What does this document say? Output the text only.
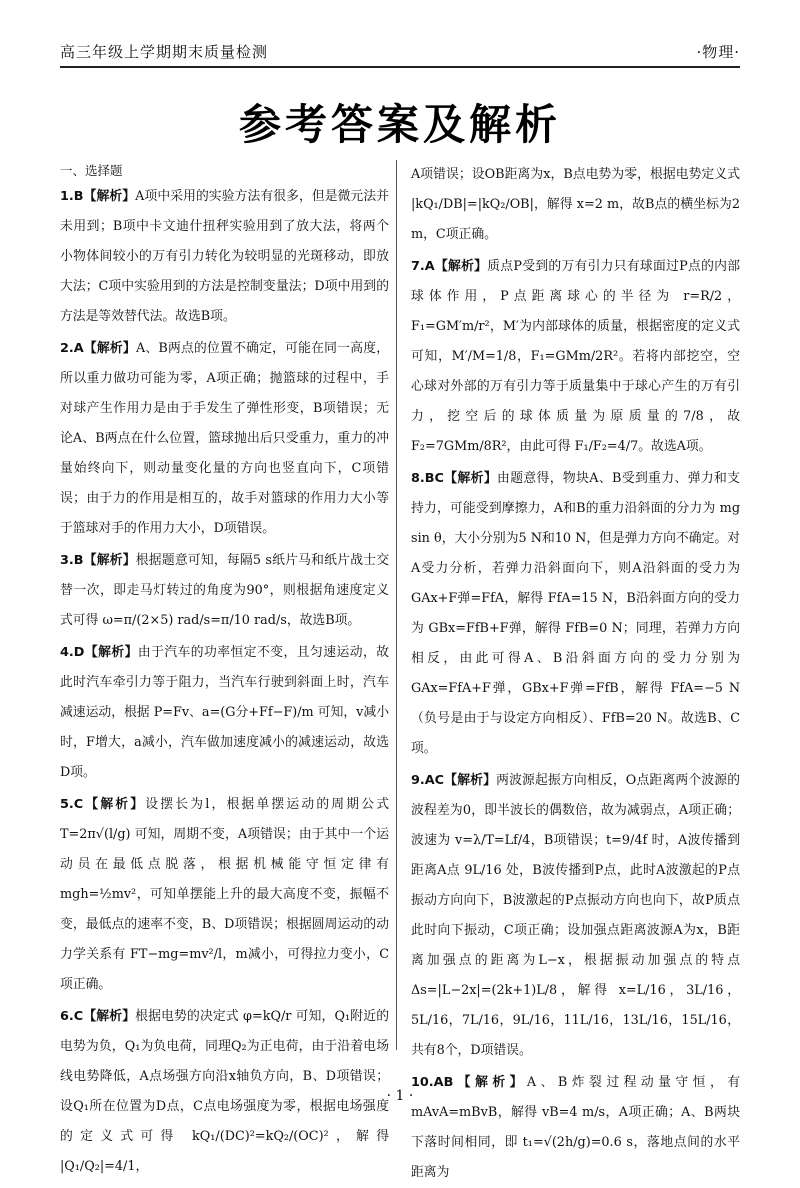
高三年级上学期期末质量检测	·物理·
参考答案及解析
一、选择题
1.B【解析】A项中采用的实验方法有很多，但是微元法并未用到；B项中卡文迪什扭秤实验用到了放大法，将两个小物体间较小的万有引力转化为较明显的光斑移动，即放大法；C项中实验用到的方法是控制变量法；D项中用到的方法是等效替代法。故选B项。
2.A【解析】A、B两点的位置不确定，可能在同一高度，所以重力做功可能为零，A项正确；抛篮球的过程中，手对球产生作用力是由于手发生了弹性形变，B项错误；无论A、B两点在什么位置，篮球抛出后只受重力，重力的冲量始终向下，则动量变化量的方向也竖直向下，C项错误；由于力的作用是相互的，故手对篮球的作用力大小等于篮球对手的作用力大小，D项错误。
3.B【解析】根据题意可知，每隔5 s纸片马和纸片战士交替一次，即走马灯转过的角度为90°，则根据角速度定义式可得 ω=π/(2×5) rad/s=π/10 rad/s，故选B项。
4.D【解析】由于汽车的功率恒定不变，且匀速运动，故此时汽车牵引力等于阻力，当汽车行驶到斜面上时，汽车减速运动，根据 P=Fv、a=(G分+Ff−F)/m 可知，v减小时，F增大，a减小，汽车做加速度减小的减速运动，故选D项。
5.C【解析】设摆长为l，根据单摆运动的周期公式 T=2π√(l/g) 可知，周期不变，A项错误；由于其中一个运动员在最低点脱落，根据机械能守恒定律有 mgh=½mv²，可知单摆能上升的最大高度不变，振幅不变，最低点的速率不变，B、D项错误；根据圆周运动的动力学关系有 FT−mg=mv²/l，m减小，可得拉力变小，C项正确。
6.C【解析】根据电势的决定式 φ=kQ/r 可知，Q₁附近的电势为负，Q₁为负电荷，同理Q₂为正电荷，由于沿着电场线电势降低，A点场强方向沿x轴负方向，B、D项错误；设Q₁所在位置为D点，C点电场强度为零，根据电场强度的定义式可得 kQ₁/(DC)²=kQ₂/(OC)²，解得 |Q₁/Q₂|=4/1，
A项错误；设OB距离为x，B点电势为零，根据电势定义式 |kQ₁/DB|=|kQ₂/OB|，解得 x=2 m，故B点的横坐标为2 m，C项正确。
7.A【解析】质点P受到的万有引力只有球面过P点的内部球体作用，P点距离球心的半径为 r=R/2，F₁=GM′m/r²，M′为内部球体的质量，根据密度的定义式可知，M′/M=1/8，F₁=GMm/2R²。若将内部挖空，空心球对外部的万有引力等于质量集中于球心产生的万有引力，挖空后的球体质量为原质量的7/8，故 F₂=7GMm/8R²，由此可得 F₁/F₂=4/7。故选A项。
8.BC【解析】由题意得，物块A、B受到重力、弹力和支持力，可能受到摩擦力，A和B的重力沿斜面的分力为 mg sin θ，大小分别为5 N和10 N，但是弹力方向不确定。对A受力分析，若弹力沿斜面向下，则A沿斜面的受力为 GAx+F弹=FfA，解得 FfA=15 N，B沿斜面方向的受力为 GBx=FfB+F弹，解得 FfB=0 N；同理，若弹力方向相反，由此可得A、B沿斜面方向的受力分别为 GAx=FfA+F弹，GBx+F弹=FfB，解得 FfA=−5 N（负号是由于与设定方向相反）、FfB=20 N。故选B、C项。
9.AC【解析】两波源起振方向相反，O点距离两个波源的波程差为0，即半波长的偶数倍，故为减弱点，A项正确；波速为 v=λ/T=Lf/4，B项错误；t=9/4f 时，A波传播到距离A点 9L/16 处，B波传播到P点，此时A波激起的P点振动方向向下，B波激起的P点振动方向也向下，故P质点此时向下振动，C项正确；设加强点距离波源A为x，B距离加强点的距离为L−x，根据振动加强点的特点 Δs=|L−2x|=(2k+1)L/8，解得 x=L/16，3L/16，5L/16，7L/16，9L/16，11L/16，13L/16，15L/16，共有8个，D项错误。
10.AB【解析】A、B炸裂过程动量守恒，有 mAvA=mBvB，解得 vB=4 m/s，A项正确；A、B两块下落时间相同，即 t₁=√(2h/g)=0.6 s，落地点间的水平距离为
· 1 ·
